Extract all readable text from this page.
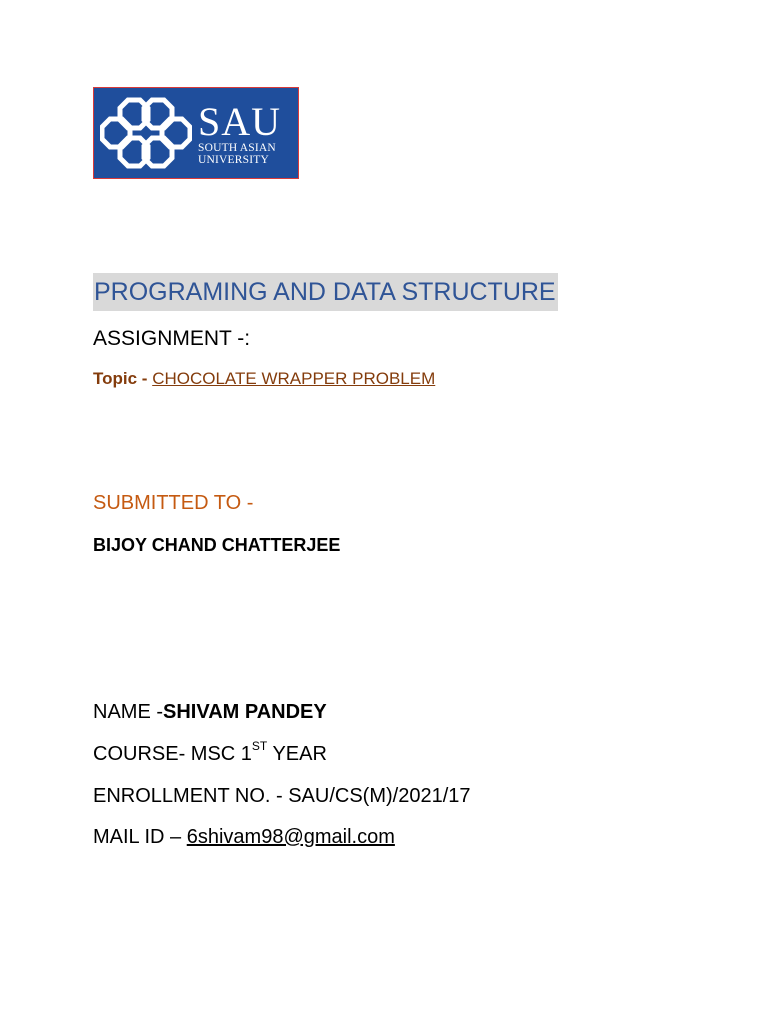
SAU
SOUTH ASIAN
UNIVERSITY
PROGRAMING AND DATA STRUCTURE
ASSIGNMENT -:
Topic - CHOCOLATE WRAPPER PROBLEM
SUBMITTED TO -
BIJOY CHAND CHATTERJEE
NAME -SHIVAM PANDEY
COURSE- MSC 1ST YEAR
ENROLLMENT NO. - SAU/CS(M)/2021/17
MAIL ID – 6shivam98@gmail.com
